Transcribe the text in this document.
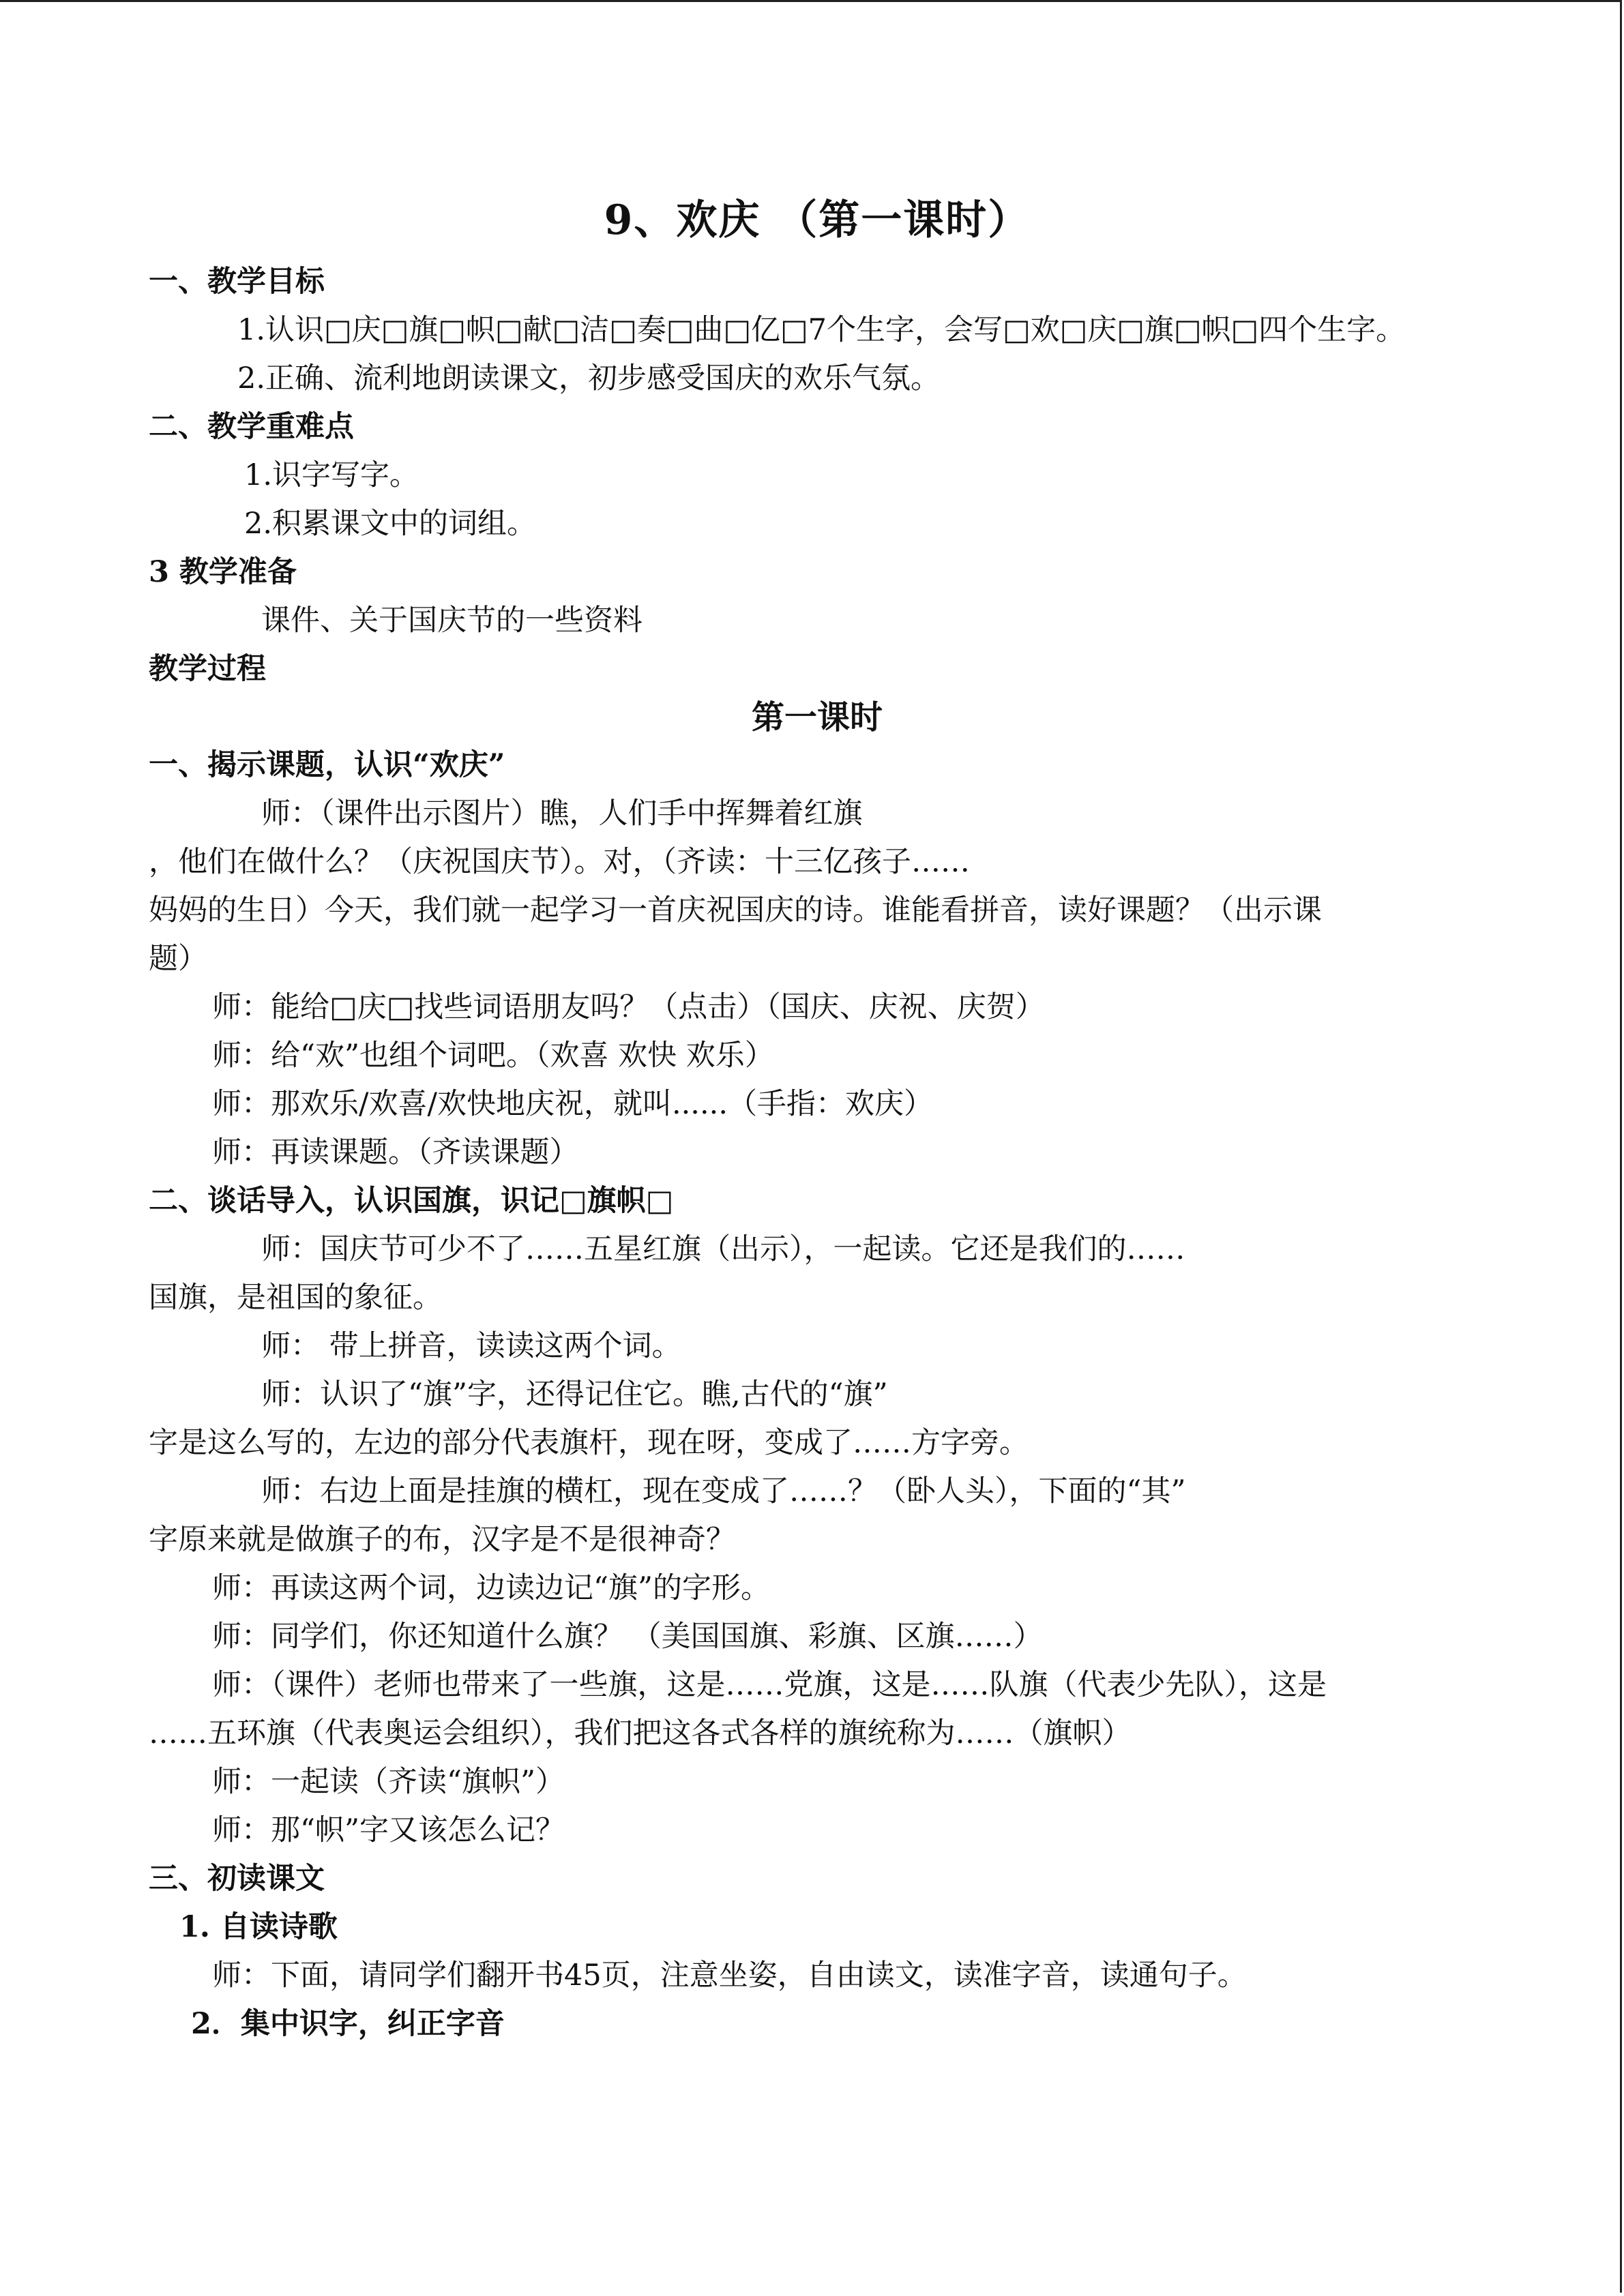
9、欢庆 （第一课时）
一、教学目标
1.认识□庆□旗□帜□献□洁□奏□曲□亿□7个生字，会写□欢□庆□旗□帜□四个生字。
2.正确、流利地朗读课文，初步感受国庆的欢乐气氛。
二、教学重难点
1.识字写字。
2.积累课文中的词组。
3 教学准备
课件、关于国庆节的一些资料
教学过程
第一课时
一、揭示课题，认识“欢庆”
师：（课件出示图片）瞧，人们手中挥舞着红旗
，他们在做什么？（庆祝国庆节）。对，（齐读：十三亿孩子……
妈妈的生日）今天，我们就一起学习一首庆祝国庆的诗。谁能看拼音，读好课题？（出示课
题）
师：能给□庆□找些词语朋友吗？（点击）（国庆、庆祝、庆贺）
师：给“欢”也组个词吧。（欢喜 欢快 欢乐）
师：那欢乐/欢喜/欢快地庆祝，就叫......（手指：欢庆）
师：再读课题。（齐读课题）
二、谈话导入，认识国旗，识记□旗帜□
师：国庆节可少不了……五星红旗（出示），一起读。它还是我们的……
国旗，是祖国的象征。
师： 带上拼音，读读这两个词。
师：认识了“旗”字，还得记住它。瞧,古代的“旗”
字是这么写的，左边的部分代表旗杆，现在呀，变成了……方字旁。
师：右边上面是挂旗的横杠，现在变成了……？（卧人头），下面的“其”
字原来就是做旗子的布，汉字是不是很神奇？
师：再读这两个词，边读边记“旗”的字形。
师：同学们，你还知道什么旗？ （美国国旗、彩旗、区旗……）
师：（课件）老师也带来了一些旗，这是……党旗，这是……队旗（代表少先队），这是
……五环旗（代表奥运会组织），我们把这各式各样的旗统称为……（旗帜）
师：一起读（齐读“旗帜”）
师：那“帜”字又该怎么记？
三、初读课文
1. 自读诗歌
师：下面，请同学们翻开书45页，注意坐姿，自由读文，读准字音，读通句子。
2．集中识字，纠正字音
